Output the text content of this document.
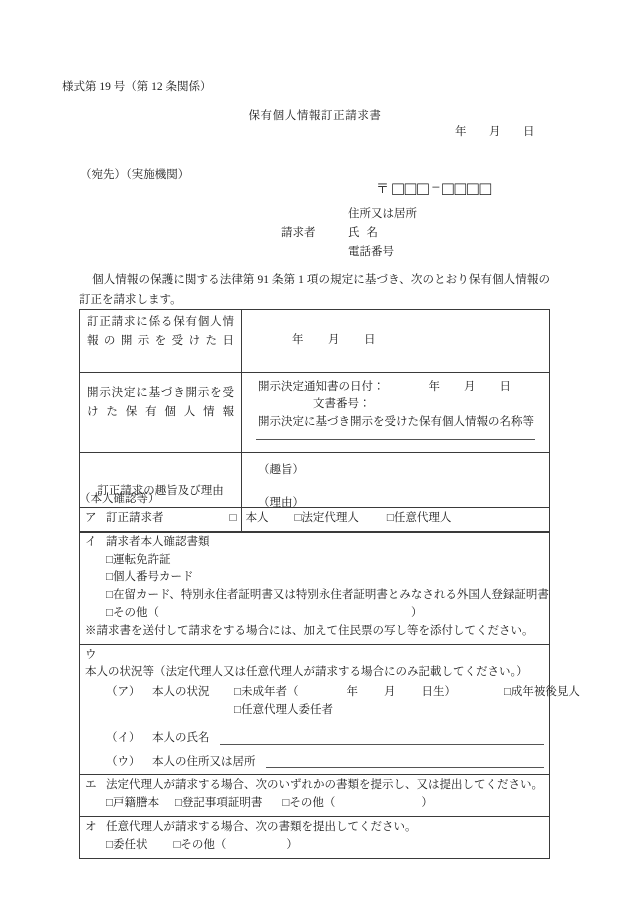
様式第 19 号（第 12 条関係）
保有個人情報訂正請求書
年 月 日
（宛先）（実施機関）
〒 □□□ − □□□□
請求者
住所又は居所
氏 名
電話番号
個人情報の保護に関する法律第 91 条第 1 項の規定に基づき、次のとおり保有個人情報の訂正を請求します。
訂正請求に係る保有個人情報の開示を受けた日	年 月 日

開示決定に基づき開示を受けた保有個人情報	開示決定通知書の日付： 年 月 日
文書番号：
開示決定に基づき開示を受けた保有個人情報の名称等

訂正請求の趣旨及び理由	（趣旨）
（理由）
（本人確認等）
ア 訂正請求者 □	本人 □	法定代理人 □	任意代理人

イ 請求者本人確認書類
□運転免許証
□個人番号カード
□在留カード、特別永住者証明書又は特別永住者証明書とみなされる外国人登録証明書
□その他（	）
※請求書を送付して請求をする場合には、加えて住民票の写し等を添付してください。

ウ本人の状況等（法定代理人又は任意代理人が請求する場合にのみ記載してください。）
（ア） 本人の状況 □未成年者（	年 月 日生） □	成年被後見人
□任意代理人委任者
（イ）	本人の氏名
（ウ）	本人の住所又は居所

エ 法定代理人が請求する場合、次のいずれかの書類を提示し、又は提出してください。
□戸籍謄本 □ 登記事項証明書 □ その他（	）

オ 任意代理人が請求する場合、次の書類を提出してください。
□委任状 □	その他（	）
